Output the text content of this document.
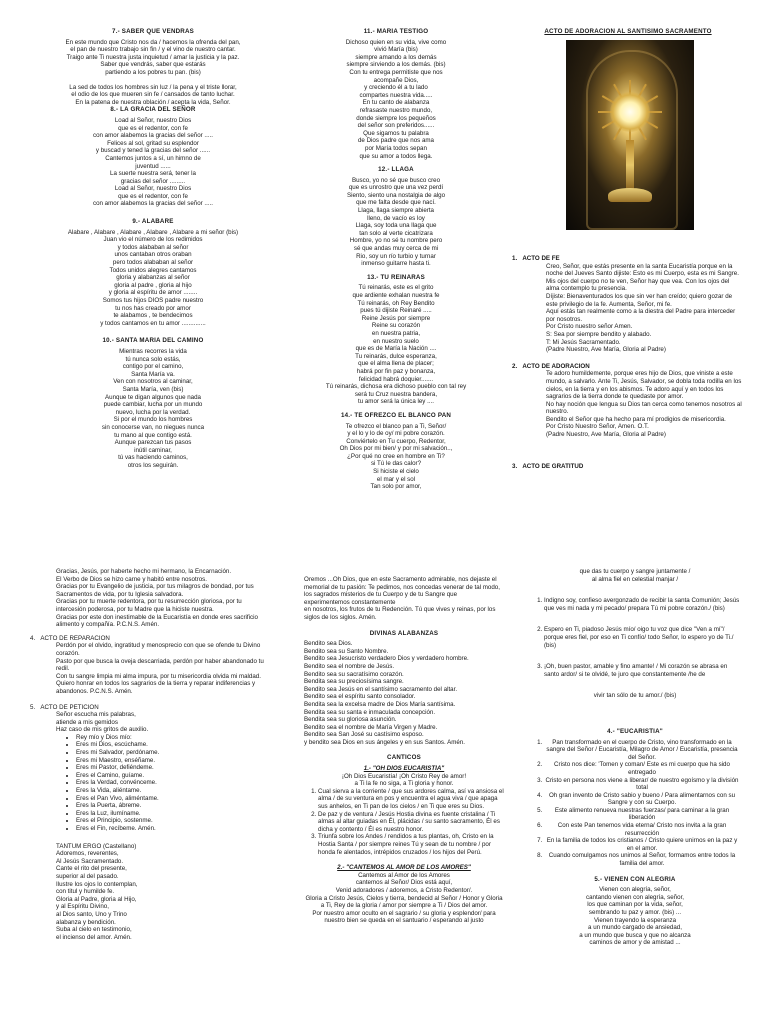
7.- SABER QUE VENDRAS
En este mundo que Cristo nos da / hacemos la ofrenda del pan,
el pan de nuestro trabajo sin fin / y el vino de nuestro cantar.
Traigo ante Ti nuestra justa inquietud / amar la justicia y la paz.
Saber que vendrás, saber que estarás
partiendo a los pobres tu pan. (bis)
La sed de todos los hombres sin luz / la pena y el triste llorar,
el odio de los que mueren sin fe / cansados de tanto luchar.
En la patena de nuestra oblación / acepta la vida, Señor.
8.- LA GRACIA DEL SEÑOR
Load al Señor, nuestro Dios
que es el redentor, con fe
con amor alabemos la gracias del señor .....
Felices al sol, gritad su esplendor
y buscad y tened la gracias del señor ......
Cantemos juntos a sí, un himno de
juventud ......
La suerte nuestra será, tener la
gracias del señor .........
Load al Señor, nuestro Dios
que es el redentor, con fe
con amor alabemos la gracias del señor .....
9.- ALABARE
Alabare , Alabare , Alabare , Alabare , Alabare a mi señor (bis)
Juan vio el número de los redimidos
y todos alababan al señor
unos cantaban otros oraban
pero todos alababan al señor
Todos unidos alegres cantamos
gloria y alabanzas al señor
gloria al padre , gloria al hijo
y gloria al espíritu de amor ........
Somos tus hijos DIOS padre nuestro
tu nos has creado por amor
te alabamos , te bendecimos
y todos cantamos en tu amor ..............
10.- SANTA MARIA DEL CAMINO
Mientras recorres la vida
tú nunca solo estás,
contigo por el camino,
Santa María va.
Ven con nosotros al caminar,
Santa María, ven (bis)
Aunque te digan algunos que nada
puede cambiar, lucha por un mundo
nuevo, lucha por la verdad.
Si por el mundo los hombres
sin conocerse van, no niegues nunca
tu mano al que contigo está.
Aunque parezcan tus pasos
inútil caminar,
tú vas haciendo caminos,
otros los seguirán.
11.- MARIA TESTIGO
Dichoso quien en su vida, vive como
vivió María (bis)
siempre amando a los demás
siempre sirviendo a los demás. (bis)
Con tu entrega permitiste que nos
acompañe Dios,
y creciendo él a tu lado
compartes nuestra vida.....
En tu canto de alabanza
refrasaste nuestro mundo,
donde siempre los pequeños
del señor son preferidos......
Que sigamos tu palabra
de Dios padre que nos ama
por María todos sepan
que su amor a todos llega.
12.- LLAGA
Busco, yo no sé que busco creo
que es unrostro que una vez perdí
Siento, siento una nostalgia de algo
que me falta desde que nací.
Llaga, llaga siempre abierta
lleno, de vacío es loy
Llaga, soy toda una llaga que
tan solo al verte cicatrizara
Hombre, yo no sé tu nombre pero
sé que andas muy cerca de mi
Rio, soy un río turbio y turnar
inmenso guitarre hasta ti.
13.- TU REINARAS
Tú reinarás, este es el grito
que ardiente exhalan nuestra fe
Tú reinarás, oh Rey Bendito
pues tú dijiste Reinaré .....
Reine Jesús por siempre
Reine su corazón
en nuestra patria,
en nuestro suelo
que es de María la Nación ....
Tu reinarás, dulce esperanza,
que el alma llena de placer;
habrá por fin paz y bonanza,
felicidad habrá doquier.......
Tú reinarás, dichosa era dichoso pueblo con tal rey
será tu Cruz nuestra bandera,
tu amor será la única ley ....
14.- TE OFREZCO EL BLANCO PAN
Te ofrezco el blanco pan a Ti, Señor/
y el lo y lo de oy/ mi pobre corazón.
Conviértelo en Tu cuerpo, Redentor,
Oh Dios por mi bien/ y por mi salvación..,
¿Por qué no cree en hombre en Ti?
si Tú le das calor?
Si hiciste el cielo
el mar y el sol
Tan solo por amor,
ACTO DE ADORACION AL SANTISIMO SACRAMENTO
1.   ACTO DE FE
Creo, Señor, que estás presente en la santa Eucaristía porque en la noche del Jueves Santo dijiste: Esto es mi Cuerpo, esta es mi Sangre. Mis ojos del cuerpo no te ven, Señor hay que vea. Con los ojos del alma contemplo tu presencia.
Díjiste: Bienaventurados los que sin ver han creído; quiero gozar de este privilegio de la fe. Aumenta, Señor, mi fe.
Aquí estás tan realmente como a la diestra del Padre para interceder por nosotros.
Por Cristo nuestro señor Amen.
S: Sea por siempre bendito y alabado.
T: Mi Jesús Sacramentado.
(Padre Nuestro, Ave María, Gloria al Padre)
2.   ACTO DE ADORACION
Te adoro humildemente, porque eres hijo de Dios, que viniste a este mundo, a salvarlo. Ante Ti, Jesús, Salvador, se dobla toda rodilla en los cielos, en la tierra y en los abismos. Te adoro aquí y en todos los sagrarios de la tierra donde te quedaste por amor.
No hay noción que lengua su Dios tan cerca como tenemos nosotros al nuestro.
Bendito el Señor que ha hecho para mí prodigios de misericordia.
Por Cristo Nuestro Señor, Amen. O.T.
(Padre Nuestro, Ave María, Gloria al Padre)
3.   ACTO DE GRATITUD
Gracias, Jesús, por haberte hecho mi hermano, la Encarnación.
El Verbo de Dios se hizo carne y habitó entre nosotros.
Gracias por tu Evangelio de justicia, por tus milagros de bondad, por tus Sacramentos de vida, por tu Iglesia salvadora.
Gracias por tu muerte redentora, por tu resurrección gloriosa, por tu intercesión poderosa, por tu Madre que la hiciste nuestra.
Gracias por este don inestimable de la Eucaristía en donde eres sacrificio alimento y compañía. P.C.N.S. Amén.
4.   ACTO DE REPARACION
Perdón por el olvido, ingratitud y menosprecio con que se ofende tu Divino corazón.
Pasto por que busca la oveja descarriada, perdón por haber abandonado tu redil.
Con tu sangre limpia mi alma impura, por tu misericordia olvida mi maldad.
Quiero honrar en todos los sagrarios de la tierra y reparar indiferencias y abandonos. P.C.N.S. Amén.
5.   ACTO DE PETICION
Señor escucha mis palabras,
atiende a mis gemidos
Haz caso de mis gritos de auxilio.
• Rey mío y Dios mío:
• Eres mi Dios, escúchame.
• Eres mi Salvador, perdóname.
• Eres mi Maestro, enséñame.
• Eres mi Pastor, defiéndeme.
• Eres el Camino, guíame.
• Eres la Verdad, convénceme.
• Eres la Vida, aliéntame.
• Eres el Pan Vivo, aliméntame.
• Eres la Puerta, ábreme.
• Eres la Luz, ilumíname.
• Eres el Principio, sostenme.
• Eres el Fin, recíbeme. Amén.
TANTUM ERGO (Castellano)
Adoremos, reverentes,
Al Jesús Sacramentado.
Cante el rito del presente,
superior al del pasado.
Ilustre los ojos lo contemplan,
con titul y humilde fe.
Gloria al Padre, gloria al Hijo,
y al Espíritu Divino,
al Dios santo, Uno y Trino
alabanza y bendición.
Suba al cielo en testimonio,
el incienso del amor. Amén.
Oremos ...Oh Dios, que en este Sacramento admirable, nos dejaste el memorial de tu pasión: Te pedimos, nos concedas venerar de tal modo, los sagrados misterios de tu Cuerpo y de tu Sangre que experimentemos constantemente
en nosotros, los frutos de tu Redención. Tú que vives y reinas, por los siglos de los siglos. Amén.
DIVINAS ALABANZAS
Bendito sea Dios.
Bendito sea su Santo Nombre.
Bendito sea Jesucristo verdadero Dios y verdadero hombre.
Bendito sea el nombre de Jesús.
Bendito sea su sacratísimo corazón.
Bendita sea su preciosísima sangre.
Bendito sea Jesús en el santísimo sacramento del altar.
Bendito sea el espíritu santo consolador.
Bendita sea la excelsa madre de Dios María santísima.
Bendita sea su santa e inmaculada concepción.
Bendita sea su gloriosa asunción.
Bendito sea el nombre de María Virgen y Madre.
Bendito sea San José su castísimo esposo.
y bendito sea Dios en sus ángeles y en sus Santos. Amén.
CANTICOS
1.- "OH DIOS EUCARISTIA"
¡Oh Dios Eucaristía! ¡Oh Cristo Rey de amor!
a Ti la fe no siga, a Ti gloria y honor.
1. Cual sierva a la corriente / que sus ardores calma, así va ansiosa el alma / de su ventura en pos y encuentra el agua viva / que apaga sus anhelos, en Ti pan de los cielos / en Ti que eres su Dios.
2. De paz y de ventura / Jesús Hostia divina es fuente cristalina / Ti almas al altar guiadas en Él, plácidas / su santo sacramento, Él es dicha y contento / Él es nuestro honor.
3. Triunfa sobre los Andes / rendidos a tus plantas, oh, Cristo en la Hostia Santa / por siempre reines Tú y sean de tu nombre / por honda fe alentados, intrépidos cruzados / los hijos del Perú.
2.- "CANTEMOS AL AMOR DE LOS AMORES"
Cantemos al Amor de los Amores
cantemos al Señor/ Dios está aquí,
Venid adoradores / adoremos, a Cristo Redentor/.
Gloria a Cristo Jesús, Cielos y tierra, bendecid al Señor / Honor y Gloria a Ti, Rey de la gloria / amor por siempre a Ti / Dios del amor.
Por nuestro amor oculto en el sagrario / su gloria y esplendor/ para nuestro bien se queda en el santuario / esperando al justo
que das tu cuerpo y sangre juntamente /
al alma fiel en celestial manjar /
1. Indigno soy, confieso avergonzado de recibir la santa Comunión; Jesús que ves mi nada y mi pecado/ prepara Tú mi pobre corazón./ (bis)
2. Espero en Ti, piadoso Jesús mío/ oigo tu voz que dice "Ven a mí"/ porque eres fiel, por eso en Ti confío/ todo Señor, lo espero yo de Ti./ (bis)
3. ¡Oh, buen pastor, amable y fino amante! / Mi corazón se abrasa en santo ardor/ si te olvidé, te juro que constantemente /he de
vivir tan sólo de tu amor./ (bis)
4.- "EUCARISTIA"
1. Pan transformado en el cuerpo de Cristo, vino transformado en la sangre del Señor / Eucaristía, Milagro de Amor / Eucaristía, presencia del Señor.
2. Cristo nos dice: 'Tomen y coman/ Este es mi cuerpo que ha sido entregado
3. Cristo en persona nos viene a liberar/ de nuestro egoísmo y la división total
4. Oh gran invento de Cristo sabio y bueno / Para alimentarnos con su Sangre y con su Cuerpo.
5. Este alimento renueva nuestras fuerzas/ para caminar a la gran liberación
6. Con este Pan tenemos vida eterna/ Cristo nos invita a la gran resurrección
7. En la familia de todos los cristianos / Cristo quiere unirnos en la paz y en el amor.
8. Cuando comulgamos nos unimos al Señor, formamos entre todos la familia del amor.
5.- VIENEN CON ALEGRIA
Vienen con alegría, señor,
cantando vienen con alegría, señor,
los que caminan por la vida, señor,
sembrando tu paz y amor. (bis) ...
Vienen trayendo la esperanza
a un mundo cargado de ansiedad,
a un mundo que busca y que no alcanza
caminos de amor y de amistad ...
